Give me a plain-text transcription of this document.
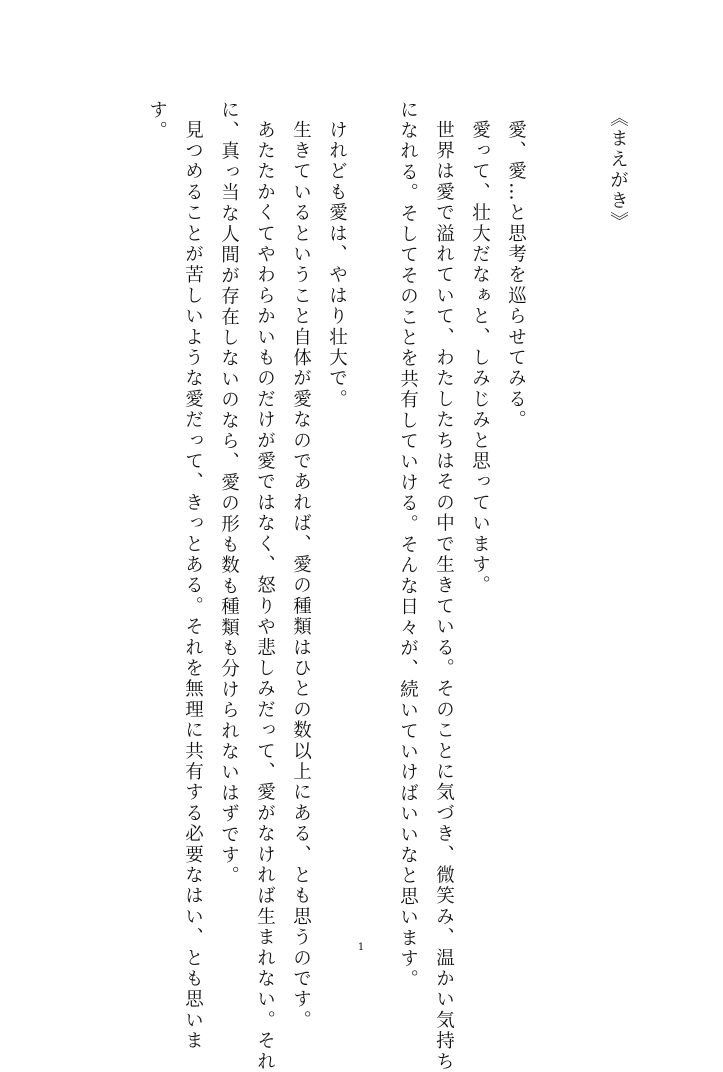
《まえがき》
愛、愛…と思考を巡らせてみる。
愛って、壮大だなぁと、しみじみと思っています。
世界は愛で溢れていて、わたしたちはその中で生きている。そのことに気づき、微笑み、温かい気持ち
になれる。そしてそのことを共有していける。そんな日々が、続いていけばいいなと思います。
けれども愛は、やはり壮大で。
生きているということ自体が愛なのであれば、愛の種類はひとの数以上にある、とも思うのです。
あたたかくてやわらかいものだけが愛ではなく、怒りや悲しみだって、愛がなければ生まれない。それ
に、真っ当な人間が存在しないのなら、愛の形も数も種類も分けられないはずです。
見つめることが苦しいような愛だって、きっとある。それを無理に共有する必要なはい、とも思いま
す。
1
